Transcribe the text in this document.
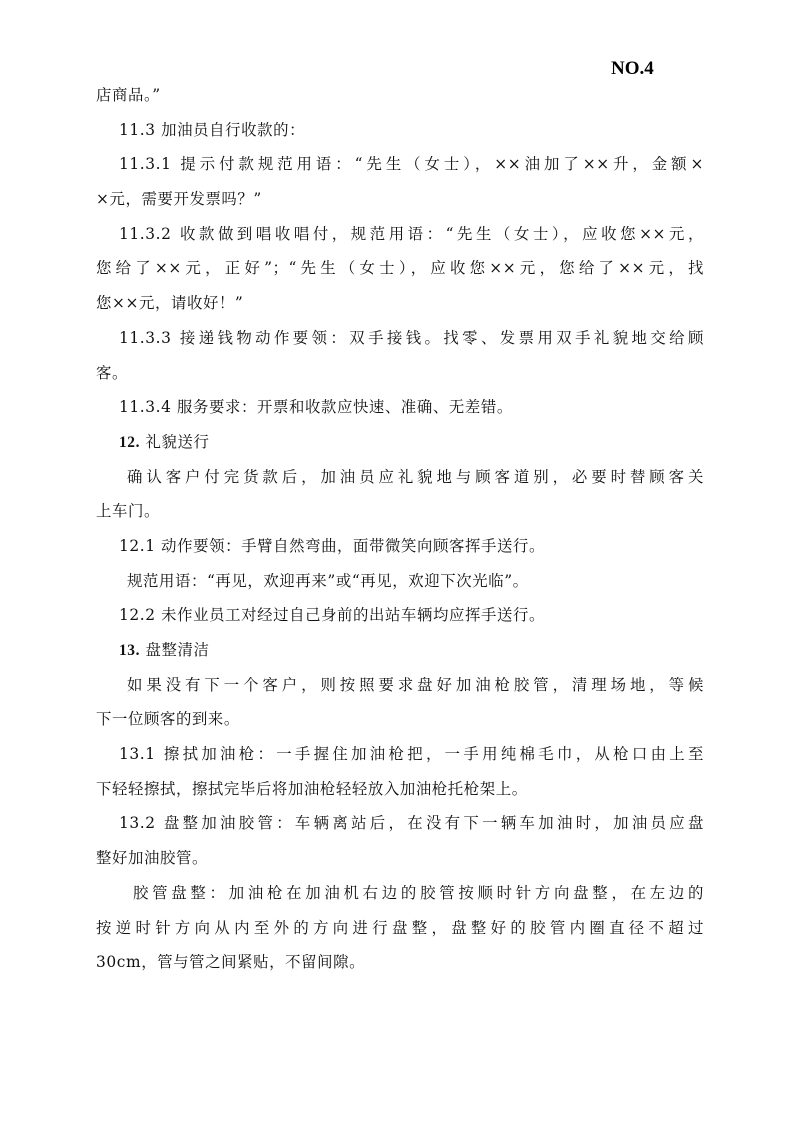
NO.4
店商品。”
11.3 加油员自行收款的：
11.3.1 提示付款规范用语：“先生（女士），××油加了××升，金额×
×元，需要开发票吗？”
11.3.2 收款做到唱收唱付，规范用语：“先生（女士），应收您××元，
您给了××元，正好”；“先生（女士），应收您××元，您给了××元，找
您××元，请收好！”
11.3.3 接递钱物动作要领：双手接钱。找零、发票用双手礼貌地交给顾
客。
11.3.4 服务要求：开票和收款应快速、准确、无差错。
12. 礼貌送行
确认客户付完货款后，加油员应礼貌地与顾客道别，必要时替顾客关
上车门。
12.1 动作要领：手臂自然弯曲，面带微笑向顾客挥手送行。
规范用语：“再见，欢迎再来”或“再见，欢迎下次光临”。
12.2 未作业员工对经过自己身前的出站车辆均应挥手送行。
13. 盘整清洁
如果没有下一个客户，则按照要求盘好加油枪胶管，清理场地，等候
下一位顾客的到来。
13.1 擦拭加油枪：一手握住加油枪把，一手用纯棉毛巾，从枪口由上至
下轻轻擦拭，擦拭完毕后将加油枪轻轻放入加油枪托枪架上。
13.2 盘整加油胶管：车辆离站后，在没有下一辆车加油时，加油员应盘
整好加油胶管。
胶管盘整：加油枪在加油机右边的胶管按顺时针方向盘整，在左边的
按逆时针方向从内至外的方向进行盘整，盘整好的胶管内圈直径不超过
30cm，管与管之间紧贴，不留间隙。
